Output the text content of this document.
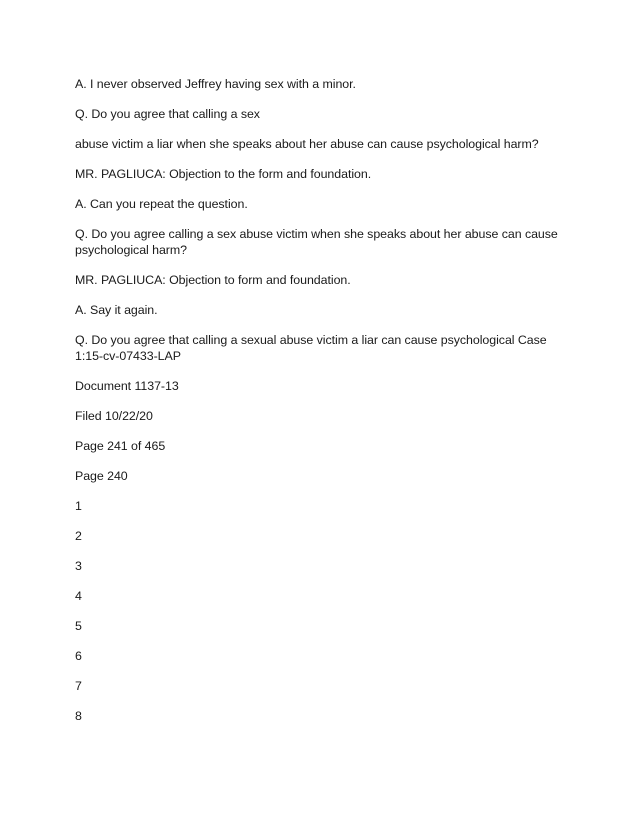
A. I never observed Jeffrey having sex with a minor.

Q. Do you agree that calling a sex

abuse victim a liar when she speaks about her abuse can cause psychological harm?

MR. PAGLIUCA: Objection to the form and foundation.

A. Can you repeat the question.

Q. Do you agree calling a sex abuse victim when she speaks about her abuse can cause psychological harm?

MR. PAGLIUCA: Objection to form and foundation.

A. Say it again.

Q. Do you agree that calling a sexual abuse victim a liar can cause psychological Case 1:15-cv-07433-LAP

Document 1137-13

Filed 10/22/20

Page 241 of 465

Page 240

1

2

3

4

5

6

7

8
